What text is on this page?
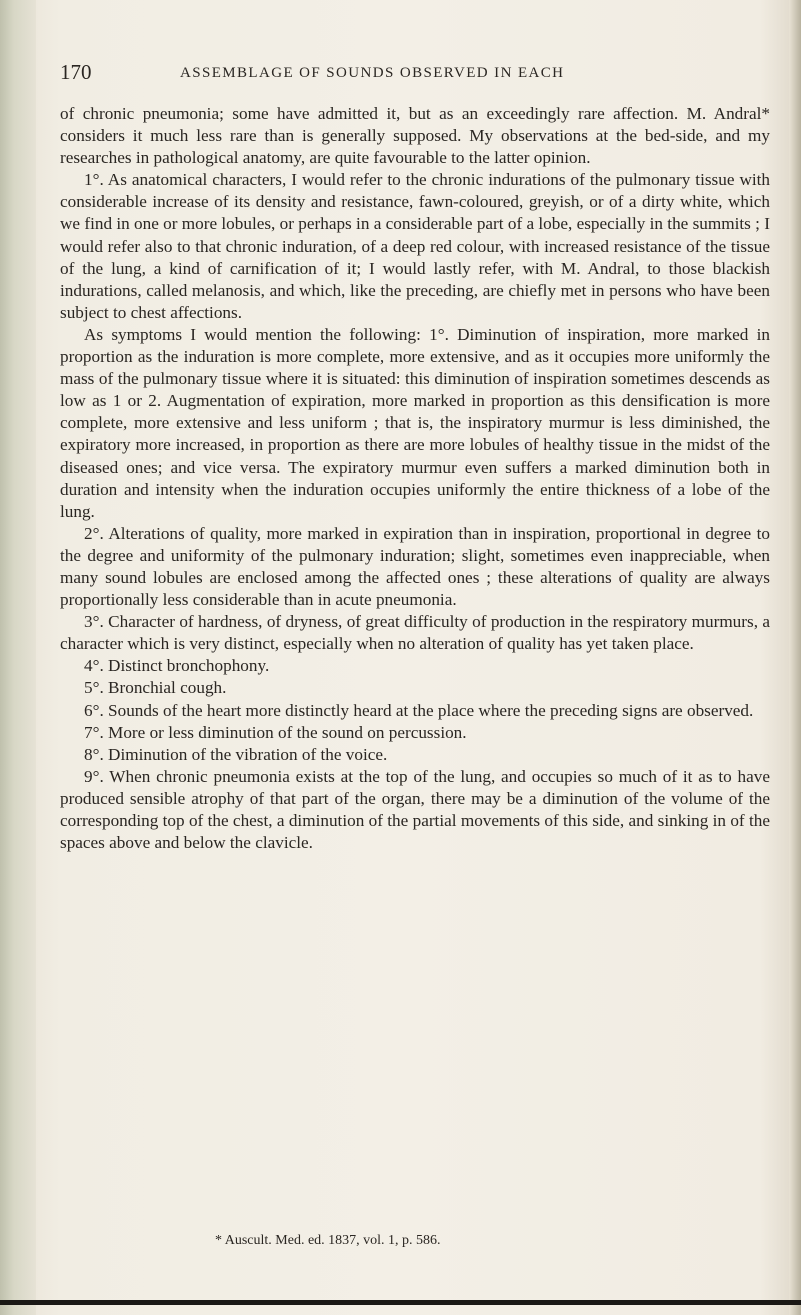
170	ASSEMBLAGE OF SOUNDS OBSERVED IN EACH

of chronic pneumonia; some have admitted it, but as an exceedingly rare affection. M. Andral* considers it much less rare than is generally supposed. My observations at the bed-side, and my researches in pathological anatomy, are quite favourable to the latter opinion.

1°. As anatomical characters, I would refer to the chronic indurations of the pulmonary tissue with considerable increase of its density and resistance, fawn-coloured, greyish, or of a dirty white, which we find in one or more lobules, or perhaps in a considerable part of a lobe, especially in the summits ; I would refer also to that chronic induration, of a deep red colour, with increased resistance of the tissue of the lung, a kind of carnification of it; I would lastly refer, with M. Andral, to those blackish indurations, called melanosis, and which, like the preceding, are chiefly met in persons who have been subject to chest affections.

As symptoms I would mention the following: 1°. Diminution of inspiration, more marked in proportion as the induration is more complete, more extensive, and as it occupies more uniformly the mass of the pulmonary tissue where it is situated: this diminution of inspiration sometimes descends as low as 1 or 2. Augmentation of expiration, more marked in proportion as this densification is more complete, more extensive and less uniform ; that is, the inspiratory murmur is less diminished, the expiratory more increased, in proportion as there are more lobules of healthy tissue in the midst of the diseased ones; and vice versa. The expiratory murmur even suffers a marked diminution both in duration and intensity when the induration occupies uniformly the entire thickness of a lobe of the lung.

2°. Alterations of quality, more marked in expiration than in inspiration, proportional in degree to the degree and uniformity of the pulmonary induration; slight, sometimes even inappreciable, when many sound lobules are enclosed among the affected ones ; these alterations of quality are always proportionally less considerable than in acute pneumonia.

3°. Character of hardness, of dryness, of great difficulty of production in the respiratory murmurs, a character which is very distinct, especially when no alteration of quality has yet taken place.

4°. Distinct bronchophony.

5°. Bronchial cough.

6°. Sounds of the heart more distinctly heard at the place where the preceding signs are observed.

7°. More or less diminution of the sound on percussion.

8°. Diminution of the vibration of the voice.

9°. When chronic pneumonia exists at the top of the lung, and occupies so much of it as to have produced sensible atrophy of that part of the organ, there may be a diminution of the volume of the corresponding top of the chest, a diminution of the partial movements of this side, and sinking in of the spaces above and below the clavicle.

* Auscult. Med. ed. 1837, vol. 1, p. 586.
